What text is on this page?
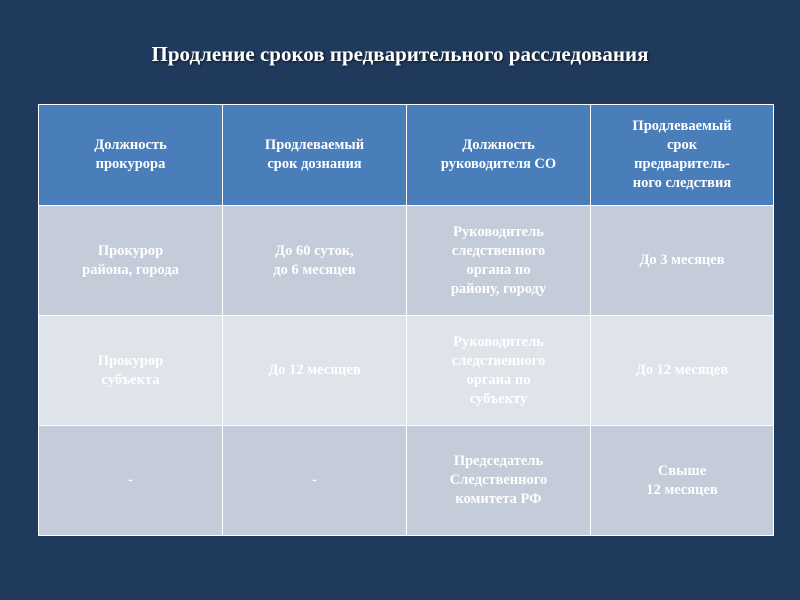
Продление сроков предварительного расследования
Должность
прокурора	Продлеваемый
срок дознания	Должность
руководителя СО	Продлеваемый
срок
предваритель-
ного следствия

Прокурор
района, города	До 60 суток,
до 6 месяцев	Руководитель
следственного
органа по
району, городу	До 3 месяцев

Прокурор
субъекта	До 12 месяцев	Руководитель
следственного
органа по
субъекту	До 12 месяцев

-	-	Председатель
Следственного
комитета РФ	Свыше
12 месяцев
